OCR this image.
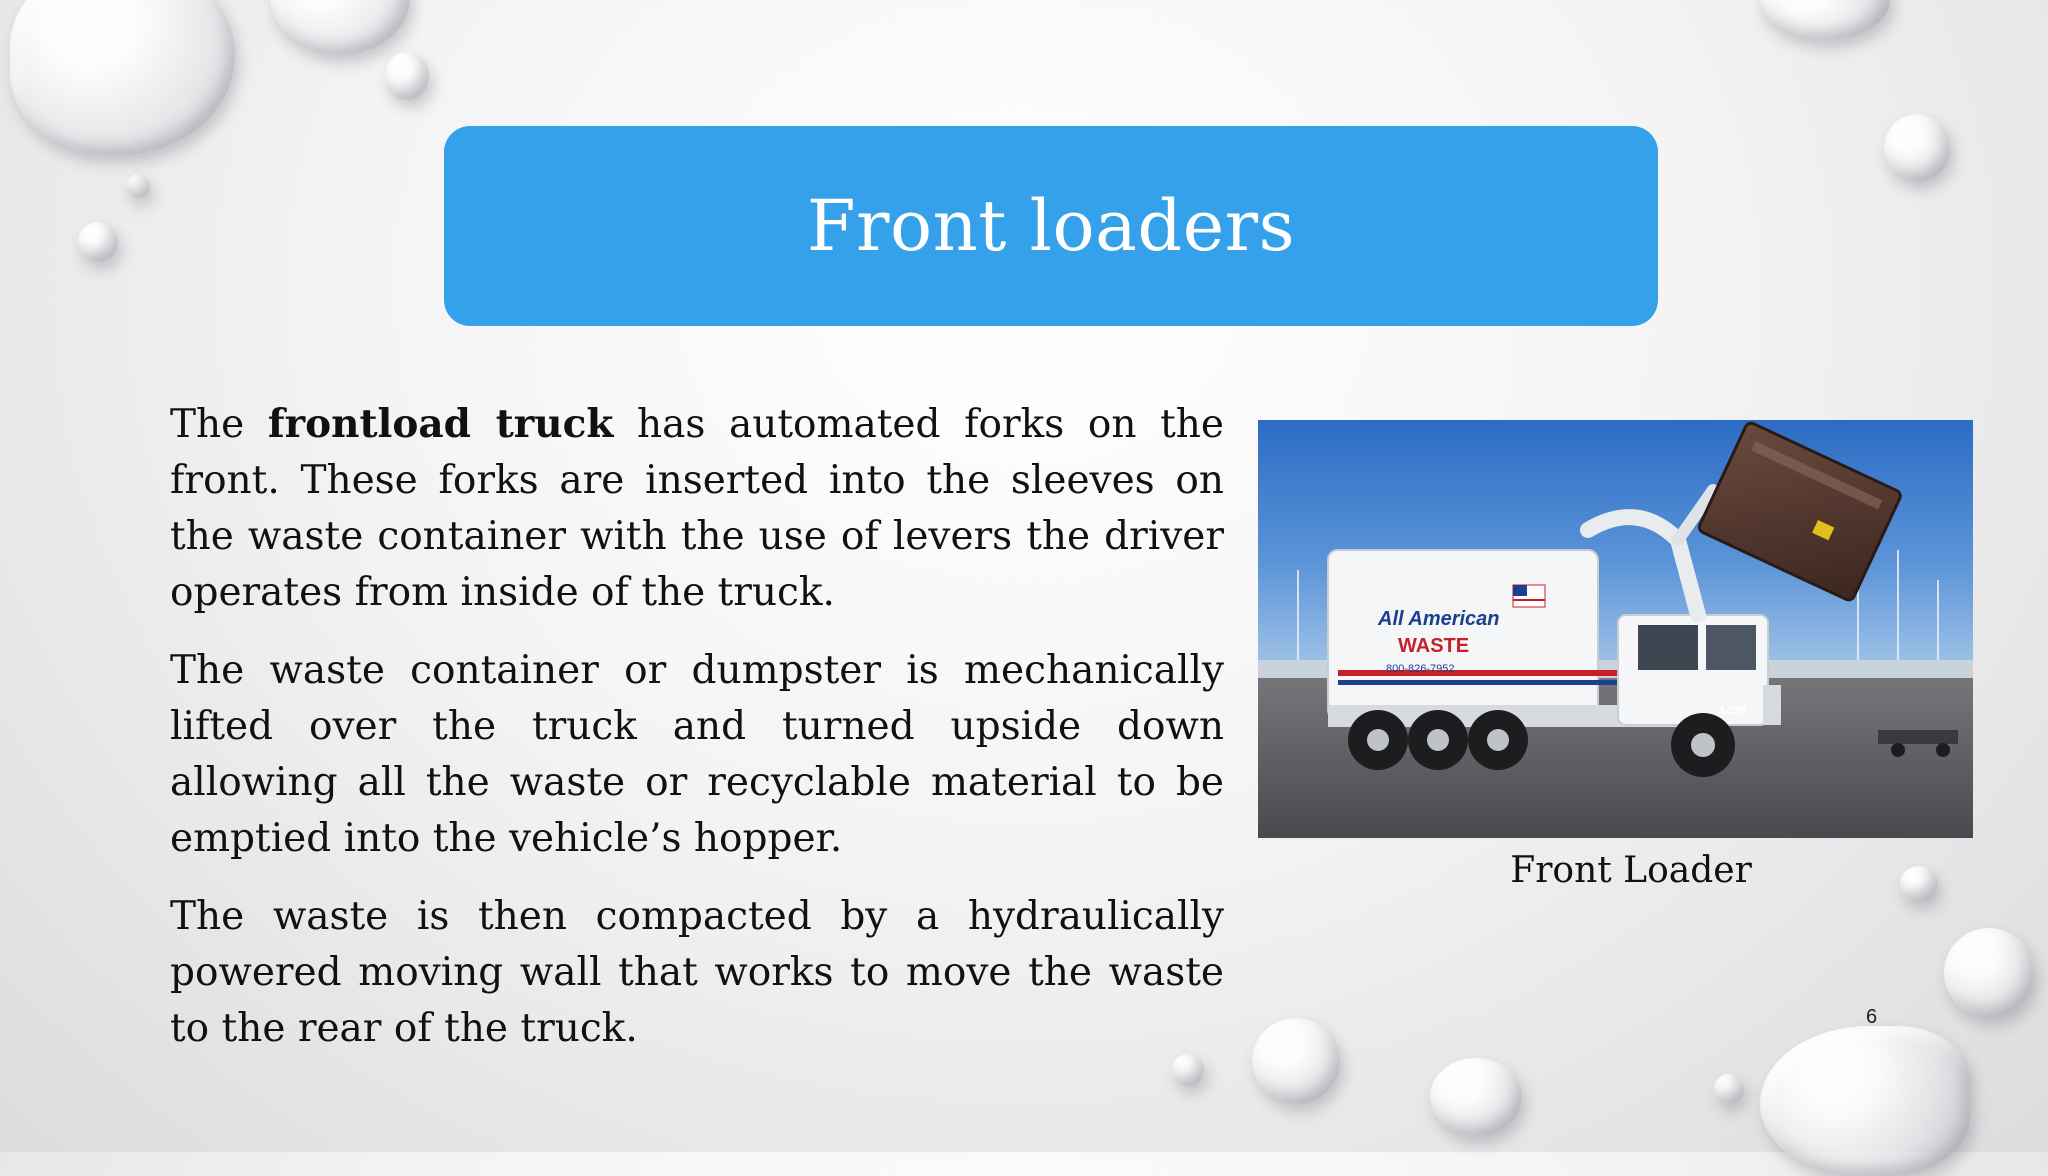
Front loaders

The frontload truck has automated forks on the front. These forks are inserted into the sleeves on the waste container with the use of levers the driver operates from inside of the truck.

The waste container or dumpster is mechanically lifted over the truck and turned upside down allowing all the waste or recyclable material to be emptied into the vehicle’s hopper.

The waste is then compacted by a hydraulically powered moving wall that works to move the waste to the rear of the truck.

All American
WASTE
800-826-7952
4430
Front Loader
6
